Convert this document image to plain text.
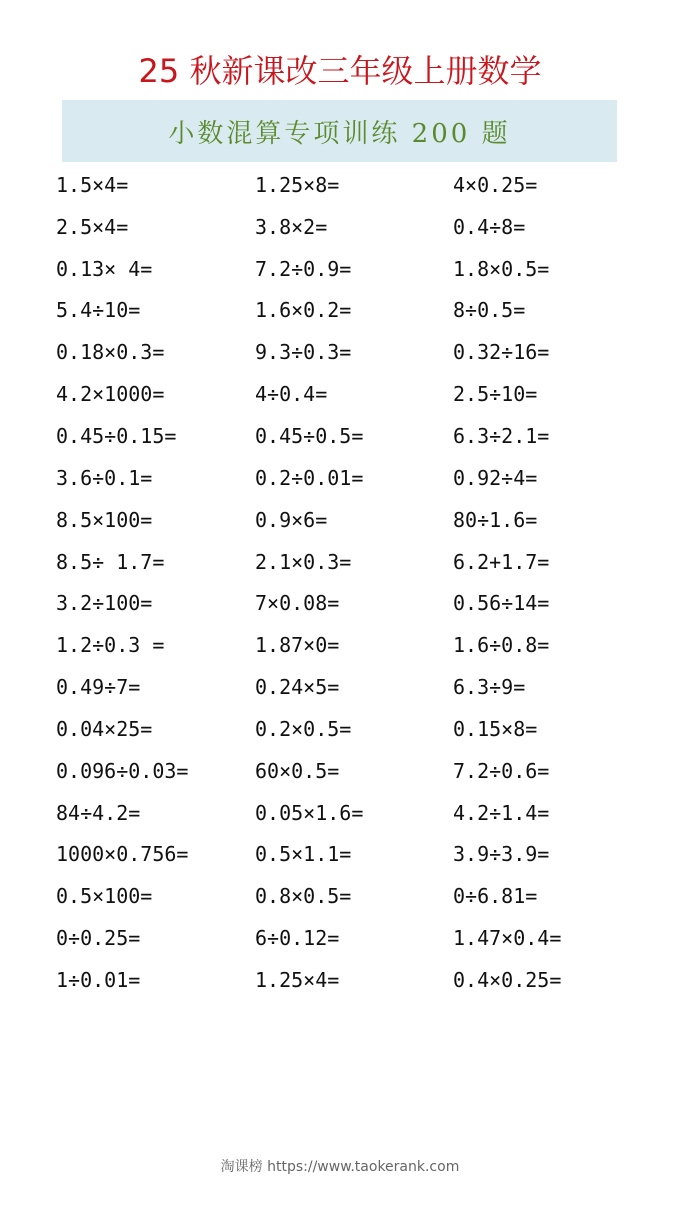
25 秋新课改三年级上册数学
小数混算专项训练 200 题
1.5×4=	1.25×8=	4×0.25=
2.5×4=	3.8×2=	0.4÷8=
0.13× 4=	7.2÷0.9=	1.8×0.5=
5.4÷10=	1.6×0.2=	8÷0.5=
0.18×0.3=	9.3÷0.3=	0.32÷16=
4.2×1000=	4÷0.4=	2.5÷10=
0.45÷0.15=	0.45÷0.5=	6.3÷2.1=
3.6÷0.1=	0.2÷0.01=	0.92÷4=
8.5×100=	0.9×6=	80÷1.6=
8.5÷ 1.7=	2.1×0.3=	6.2+1.7=
3.2÷100=	7×0.08=	0.56÷14=
1.2÷0.3 =	1.87×0=	1.6÷0.8=
0.49÷7=	0.24×5=	6.3÷9=
0.04×25=	0.2×0.5=	0.15×8=
0.096÷0.03=	60×0.5=	7.2÷0.6=
84÷4.2=	0.05×1.6=	4.2÷1.4=
1000×0.756=	0.5×1.1=	3.9÷3.9=
0.5×100=	0.8×0.5=	0÷6.81=
0÷0.25=	6÷0.12=	1.47×0.4=
1÷0.01=	1.25×4=	0.4×0.25=
淘课榜 https://www.taokerank.com
